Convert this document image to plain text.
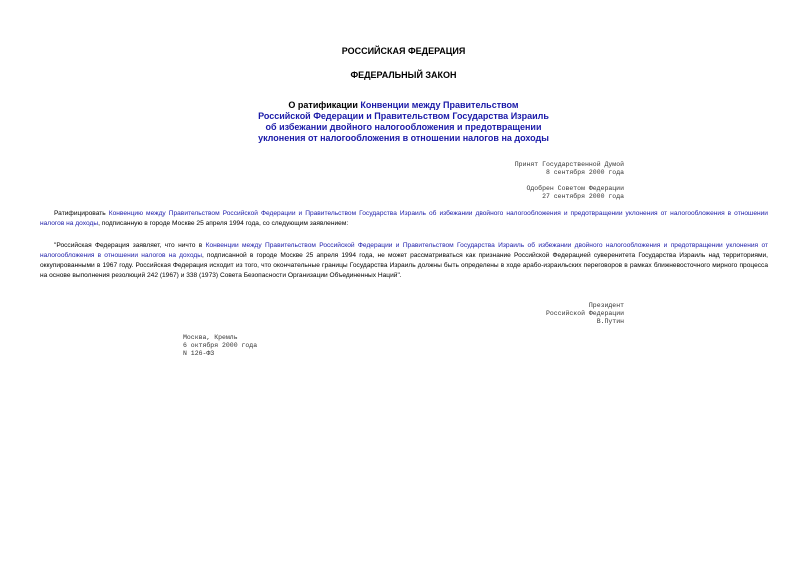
РОССИЙСКАЯ ФЕДЕРАЦИЯ
ФЕДЕРАЛЬНЫЙ ЗАКОН
О ратификации Конвенции между Правительством
Российской Федерации и Правительством Государства Израиль
об избежании двойного налогообложения и предотвращении
уклонения от налогообложения в отношении налогов на доходы
Принят Государственной Думой
8 сентября 2000 года
Одобрен Советом Федерации
27 сентября 2000 года
Ратифицировать Конвенцию между Правительством Российской Федерации и Правительством Государства Израиль об избежании двойного налогообложения и предотвращении уклонения от налогообложения в отношении налогов на доходы, подписанную в городе Москве 25 апреля 1994 года, со следующим заявлением:
"Российская Федерация заявляет, что ничто в Конвенции между Правительством Российской Федерации и Правительством Государства Израиль об избежании двойного налогообложения и предотвращении уклонения от налогообложения в отношении налогов на доходы, подписанной в городе Москве 25 апреля 1994 года, не может рассматриваться как признание Российской Федерацией суверенитета Государства Израиль над территориями, оккупированными в 1967 году. Российская Федерация исходит из того, что окончательные границы Государства Израиль должны быть определены в ходе арабо-израильских переговоров в рамках ближневосточного мирного процесса на основе выполнения резолюций 242 (1967) и 338 (1973) Совета Безопасности Организации Объединенных Наций".
Президент
Российской Федерации
В.Путин
Москва, Кремль
6 октября 2000 года
N 126-ФЗ
